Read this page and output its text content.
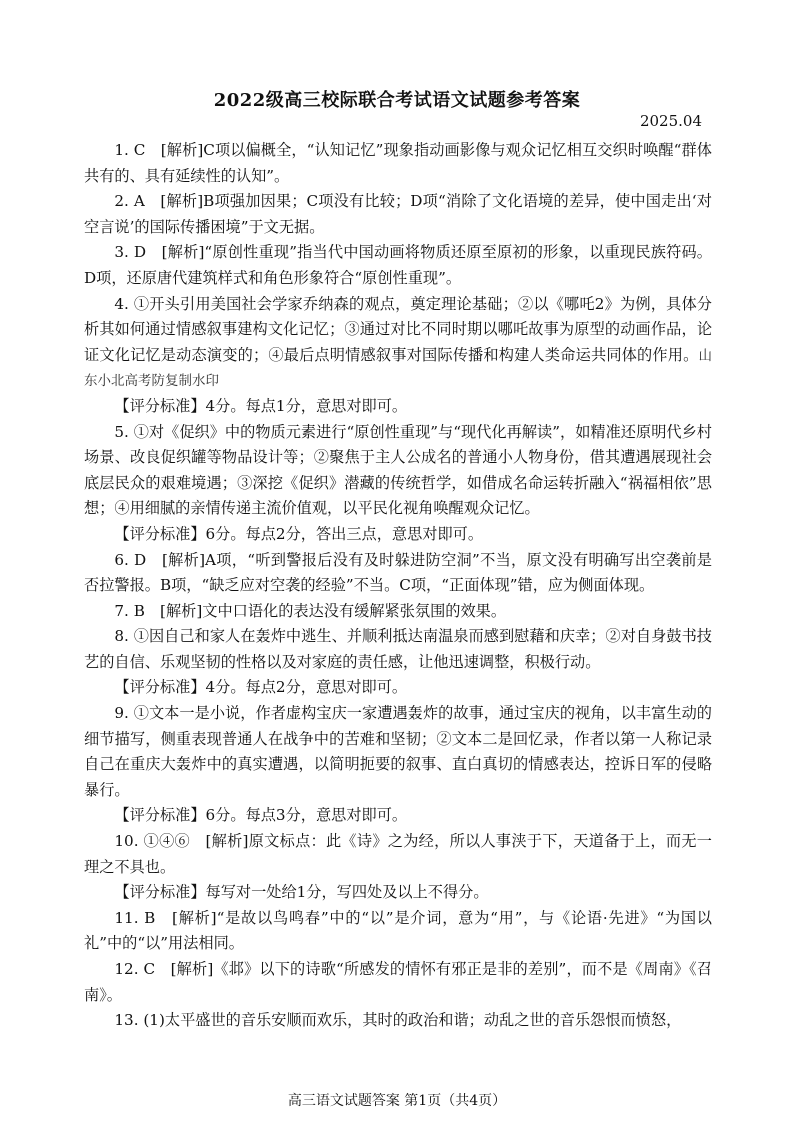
2022级高三校际联合考试语文试题参考答案
2025.04

1. C　[解析]C项以偏概全，“认知记忆”现象指动画影像与观众记忆相互交织时唤醒“群体共有的、具有延续性的认知”。

2. A　[解析]B项强加因果；C项没有比较；D项“消除了文化语境的差异，使中国走出‘对空言说’的国际传播困境”于文无据。

3. D　[解析]“原创性重现”指当代中国动画将物质还原至原初的形象，以重现民族符码。D项，还原唐代建筑样式和角色形象符合“原创性重现”。

4. ①开头引用美国社会学家乔纳森的观点，奠定理论基础；②以《哪吒2》为例，具体分析其如何通过情感叙事建构文化记忆；③通过对比不同时期以哪吒故事为原型的动画作品，论证文化记忆是动态演变的；④最后点明情感叙事对国际传播和构建人类命运共同体的作用。山东小北高考防复制水印

【评分标准】4分。每点1分，意思对即可。

5. ①对《促织》中的物质元素进行“原创性重现”与“现代化再解读”，如精准还原明代乡村场景、改良促织罐等物品设计等；②聚焦于主人公成名的普通小人物身份，借其遭遇展现社会底层民众的艰难境遇；③深挖《促织》潜藏的传统哲学，如借成名命运转折融入“祸福相依”思想；④用细腻的亲情传递主流价值观，以平民化视角唤醒观众记忆。

【评分标准】6分。每点2分，答出三点，意思对即可。

6. D　[解析]A项，“听到警报后没有及时躲进防空洞”不当，原文没有明确写出空袭前是否拉警报。B项，“缺乏应对空袭的经验”不当。C项，“正面体现”错，应为侧面体现。

7. B　[解析]文中口语化的表达没有缓解紧张氛围的效果。

8. ①因自己和家人在轰炸中逃生、并顺利抵达南温泉而感到慰藉和庆幸；②对自身鼓书技艺的自信、乐观坚韧的性格以及对家庭的责任感，让他迅速调整，积极行动。

【评分标准】4分。每点2分，意思对即可。

9. ①文本一是小说，作者虚构宝庆一家遭遇轰炸的故事，通过宝庆的视角，以丰富生动的细节描写，侧重表现普通人在战争中的苦难和坚韧；②文本二是回忆录，作者以第一人称记录自己在重庆大轰炸中的真实遭遇，以简明扼要的叙事、直白真切的情感表达，控诉日军的侵略暴行。

【评分标准】6分。每点3分，意思对即可。

10. ①④⑥　[解析]原文标点：此《诗》之为经，所以人事浃于下，天道备于上，而无一理之不具也。

【评分标准】每写对一处给1分，写四处及以上不得分。

11. B　[解析]“是故以鸟鸣春”中的“以”是介词，意为“用”，与《论语·先进》“为国以礼”中的“以”用法相同。

12. C　[解析]《邶》以下的诗歌“所感发的情怀有邪正是非的差别”，而不是《周南》《召南》。

13. (1)太平盛世的音乐安顺而欢乐，其时的政治和谐；动乱之世的音乐怨恨而愤怒，

高三语文试题答案 第1页（共4页）
